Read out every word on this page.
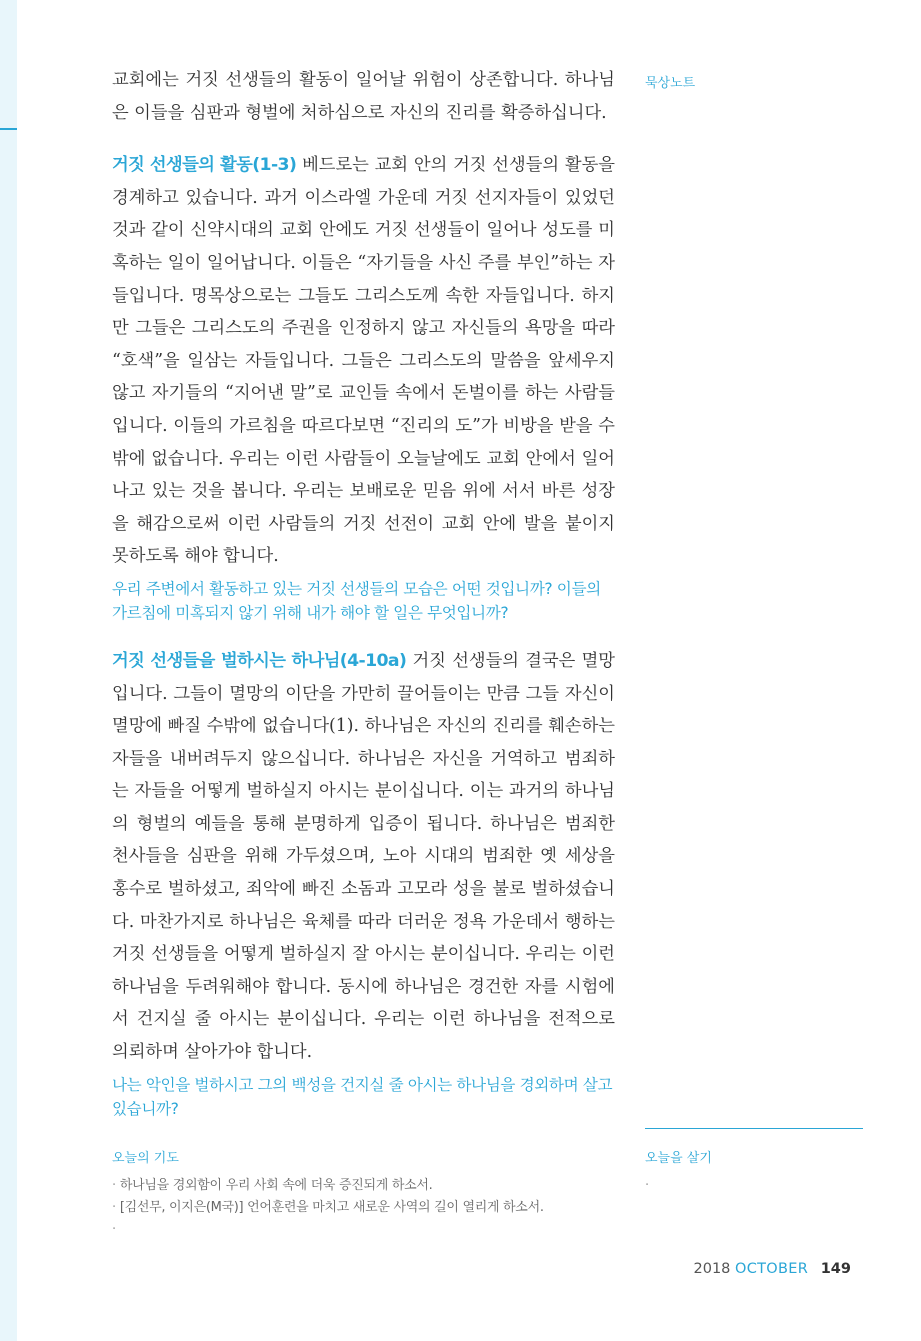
묵상노트

교회에는 거짓 선생들의 활동이 일어날 위험이 상존합니다. 하나님은 이들을 심판과 형벌에 처하심으로 자신의 진리를 확증하십니다.

거짓 선생들의 활동(1-3) 베드로는 교회 안의 거짓 선생들의 활동을 경계하고 있습니다. 과거 이스라엘 가운데 거짓 선지자들이 있었던 것과 같이 신약시대의 교회 안에도 거짓 선생들이 일어나 성도를 미혹하는 일이 일어납니다. 이들은 “자기들을 사신 주를 부인”하는 자들입니다. 명목상으로는 그들도 그리스도께 속한 자들입니다. 하지만 그들은 그리스도의 주권을 인정하지 않고 자신들의 욕망을 따라 “호색”을 일삼는 자들입니다. 그들은 그리스도의 말씀을 앞세우지 않고 자기들의 “지어낸 말”로 교인들 속에서 돈벌이를 하는 사람들입니다. 이들의 가르침을 따르다보면 “진리의 도”가 비방을 받을 수밖에 없습니다. 우리는 이런 사람들이 오늘날에도 교회 안에서 일어나고 있는 것을 봅니다. 우리는 보배로운 믿음 위에 서서 바른 성장을 해감으로써 이런 사람들의 거짓 선전이 교회 안에 발을 붙이지 못하도록 해야 합니다.

우리 주변에서 활동하고 있는 거짓 선생들의 모습은 어떤 것입니까? 이들의 가르침에 미혹되지 않기 위해 내가 해야 할 일은 무엇입니까?

거짓 선생들을 벌하시는 하나님(4-10a) 거짓 선생들의 결국은 멸망입니다. 그들이 멸망의 이단을 가만히 끌어들이는 만큼 그들 자신이 멸망에 빠질 수밖에 없습니다(1). 하나님은 자신의 진리를 훼손하는 자들을 내버려두지 않으십니다. 하나님은 자신을 거역하고 범죄하는 자들을 어떻게 벌하실지 아시는 분이십니다. 이는 과거의 하나님의 형벌의 예들을 통해 분명하게 입증이 됩니다. 하나님은 범죄한 천사들을 심판을 위해 가두셨으며, 노아 시대의 범죄한 옛 세상을 홍수로 벌하셨고, 죄악에 빠진 소돔과 고모라 성을 불로 벌하셨습니다. 마찬가지로 하나님은 육체를 따라 더러운 정욕 가운데서 행하는 거짓 선생들을 어떻게 벌하실지 잘 아시는 분이십니다. 우리는 이런 하나님을 두려워해야 합니다. 동시에 하나님은 경건한 자를 시험에서 건지실 줄 아시는 분이십니다. 우리는 이런 하나님을 전적으로 의뢰하며 살아가야 합니다.

나는 악인을 벌하시고 그의 백성을 건지실 줄 아시는 하나님을 경외하며 살고 있습니까?

오늘의 기도
· 하나님을 경외함이 우리 사회 속에 더욱 증진되게 하소서.
· [김선무, 이지은(M국)] 언어훈련을 마치고 새로운 사역의 길이 열리게 하소서.
·
오늘을 살기
·
2018 OCTOBER 149
